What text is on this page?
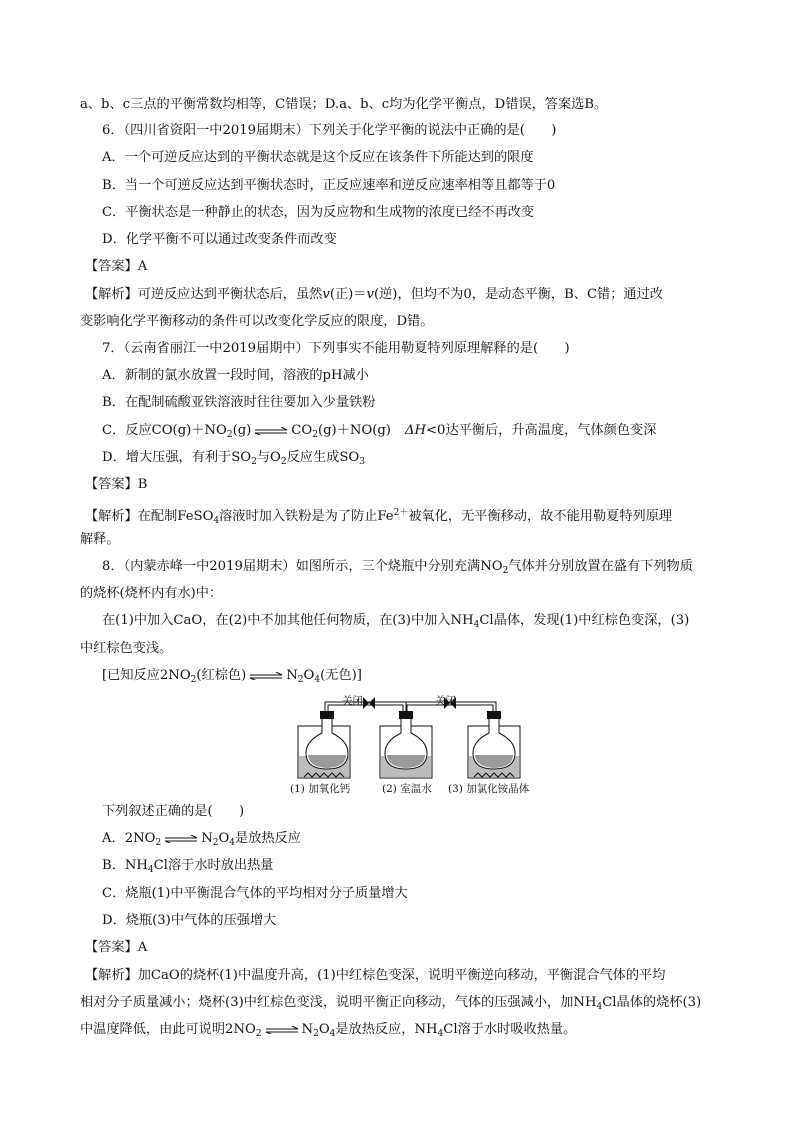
a、b、c三点的平衡常数均相等，C错误；D.a、b、c均为化学平衡点，D错误，答案选B。
6．（四川省资阳一中2019届期末）下列关于化学平衡的说法中正确的是(　　)
A．一个可逆反应达到的平衡状态就是这个反应在该条件下所能达到的限度
B．当一个可逆反应达到平衡状态时，正反应速率和逆反应速率相等且都等于0
C．平衡状态是一种静止的状态，因为反应物和生成物的浓度已经不再改变
D．化学平衡不可以通过改变条件而改变
【答案】A
【解析】可逆反应达到平衡状态后，虽然v(正)＝v(逆)，但均不为0，是动态平衡，B、C错；通过改
变影响化学平衡移动的条件可以改变化学反应的限度，D错。
7．（云南省丽江一中2019届期中）下列事实不能用勒夏特列原理解释的是(　　)
A．新制的氯水放置一段时间，溶液的pH减小
B．在配制硫酸亚铁溶液时往往要加入少量铁粉
C．反应$CO(g)+NO_2(g)$ ⇌ $CO_2(g)+NO(g)$ ΔH<0达平衡后，升高温度，气体颜色变深
D．增大压强，有利于$SO_2$与$O_2$反应生成$SO_3$
【答案】B
【解析】在配制FeSO$_4$溶液时加入铁粉是为了防止$Fe^{2+}$被氧化，无平衡移动，故不能用勒夏特列原理
解释。
8．（内蒙赤峰一中2019届期末）如图所示，三个烧瓶中分别充满$NO_2$气体并分别放置在盛有下列物质
的烧杯(烧杯内有水)中：
在(1)中加入CaO，在(2)中不加其他任何物质，在(3)中加入$NH_4Cl$晶体，发现(1)中红棕色变深，(3)
中红棕色变浅。
[已知反应$2NO_2$(红棕色) ⇌ $N_2O_4$(无色)]
关闭	关闭
(1) 加氧化钙	(2) 室温水 (3) 加氯化铵晶体
下列叙述正确的是(　　)
A．$2NO_2$ ⇌ $N_2O_4$是放热反应
B．$NH_4Cl$溶于水时放出热量
C．烧瓶(1)中平衡混合气体的平均相对分子质量增大
D．烧瓶(3)中气体的压强增大
【答案】A
【解析】加CaO的烧杯(1)中温度升高，(1)中红棕色变深，说明平衡逆向移动，平衡混合气体的平均
相对分子质量减小；烧杯(3)中红棕色变浅，说明平衡正向移动，气体的压强减小，加$NH_4Cl$晶体的烧杯(3)
中温度降低，由此可说明$2NO_2$ ⇌ $N_2O_4$是放热反应，$NH_4Cl$溶于水时吸收热量。
